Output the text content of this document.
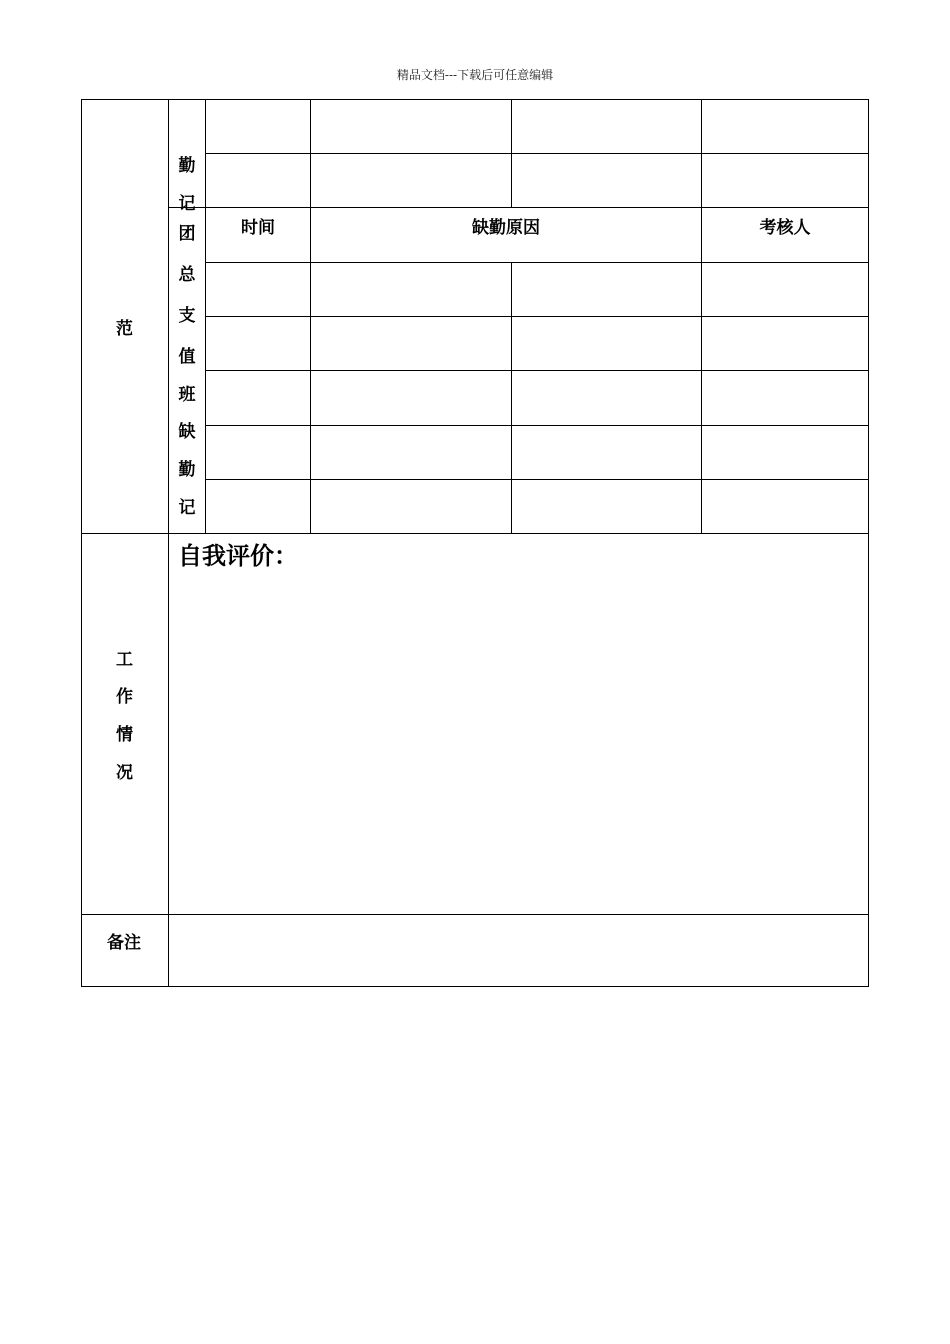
精品文档---下载后可任意编辑
范
勤
记
团
总
支
值
班
缺
勤
记
时间	缺勤原因	考核人
工
作
情
况
自我评价：
备注
